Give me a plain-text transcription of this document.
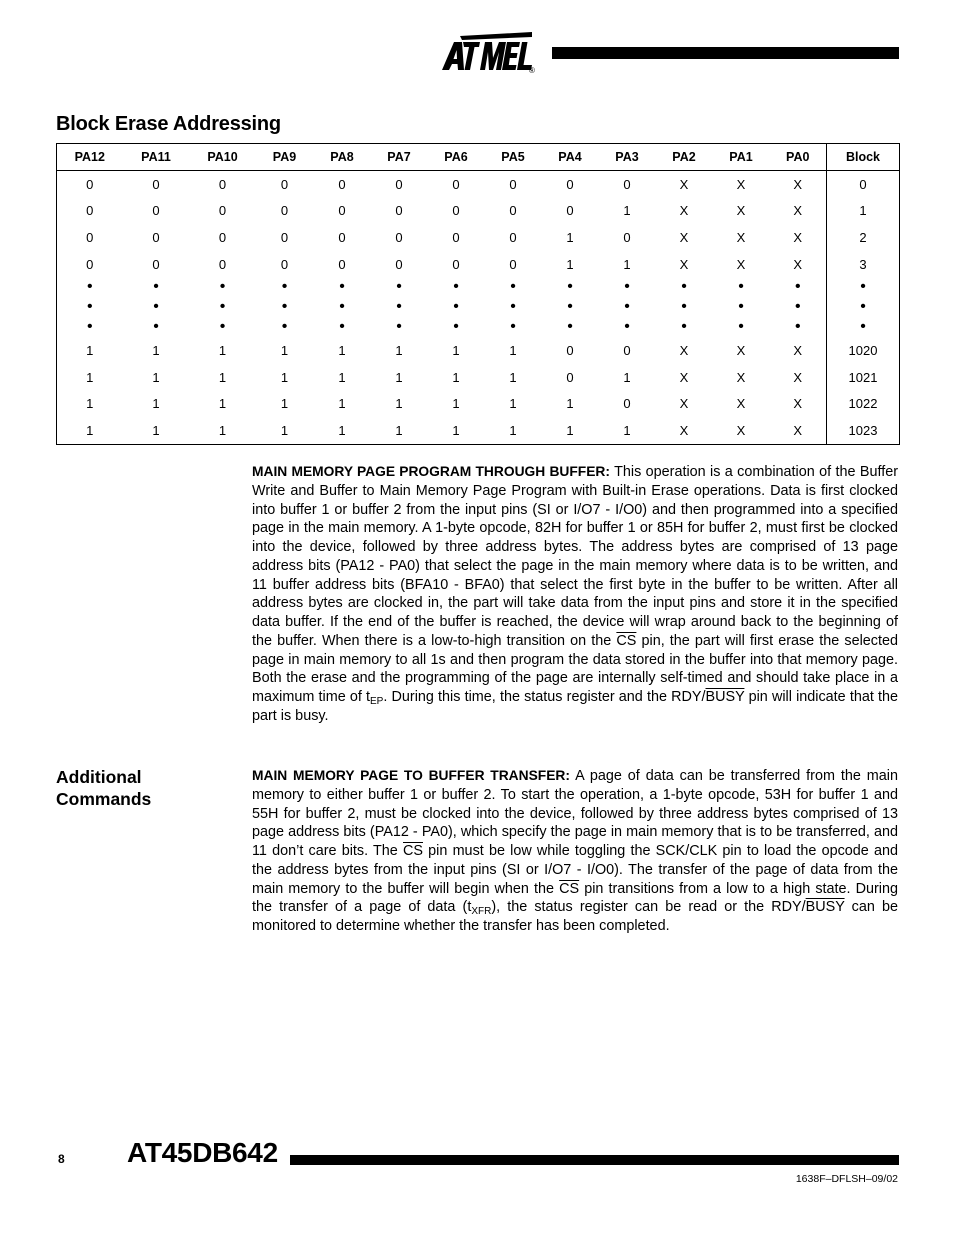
®
Block Erase Addressing
PA12	PA11	PA10	PA9	PA8	PA7	PA6	PA5	PA4	PA3	PA2	PA1	PA0	Block
0	0	0	0	0	0	0	0	0	0	X	X	X	0
0	0	0	0	0	0	0	0	0	1	X	X	X	1
0	0	0	0	0	0	0	0	1	0	X	X	X	2
0	0	0	0	0	0	0	0	1	1	X	X	X	3
•	•	•	•	•	•	•	•	•	•	•	•	•	•
•	•	•	•	•	•	•	•	•	•	•	•	•	•
•	•	•	•	•	•	•	•	•	•	•	•	•	•
1	1	1	1	1	1	1	1	0	0	X	X	X	1020
1	1	1	1	1	1	1	1	0	1	X	X	X	1021
1	1	1	1	1	1	1	1	1	0	X	X	X	1022
1	1	1	1	1	1	1	1	1	1	X	X	X	1023
MAIN MEMORY PAGE PROGRAM THROUGH BUFFER: This operation is a combination of the Buffer Write and Buffer to Main Memory Page Program with Built-in Erase operations. Data is first clocked into buffer 1 or buffer 2 from the input pins (SI or I/O7 - I/O0) and then programmed into a specified page in the main memory. A 1-byte opcode, 82H for buffer 1 or 85H for buffer 2, must first be clocked into the device, followed by three address bytes. The address bytes are comprised of 13 page address bits (PA12 - PA0) that select the page in the main memory where data is to be written, and 11 buffer address bits (BFA10 - BFA0) that select the first byte in the buffer to be written. After all address bytes are clocked in, the part will take data from the input pins and store it in the specified data buffer. If the end of the buffer is reached, the device will wrap around back to the beginning of the buffer. When there is a low-to-high transition on the $\overline{CS}$ pin, the part will first erase the selected page in main memory to all 1s and then program the data stored in the buffer into that memory page. Both the erase and the programming of the page are internally self-timed and should take place in a maximum time of $t_{EP}$. During this time, the status register and the RDY/BUSY pin will indicate that the part is busy.
Additional
Commands
MAIN MEMORY PAGE TO BUFFER TRANSFER: A page of data can be transferred from the main memory to either buffer 1 or buffer 2. To start the operation, a 1-byte opcode, 53H for buffer 1 and 55H for buffer 2, must be clocked into the device, followed by three address bytes comprised of 13 page address bits (PA12 - PA0), which specify the page in main memory that is to be transferred, and 11 don’t care bits. The $\overline{CS}$ pin must be low while toggling the SCK/CLK pin to load the opcode and the address bytes from the input pins (SI or I/O7 - I/O0). The transfer of the page of data from the main memory to the buffer will begin when the $\overline{CS}$ pin transitions from a low to a high state. During the transfer of a page of data $(t_{XFR})$, the status register can be read or the RDY/BUSY can be monitored to determine whether the transfer has been completed.
8 AT45DB642
1638F–DFLSH–09/02
